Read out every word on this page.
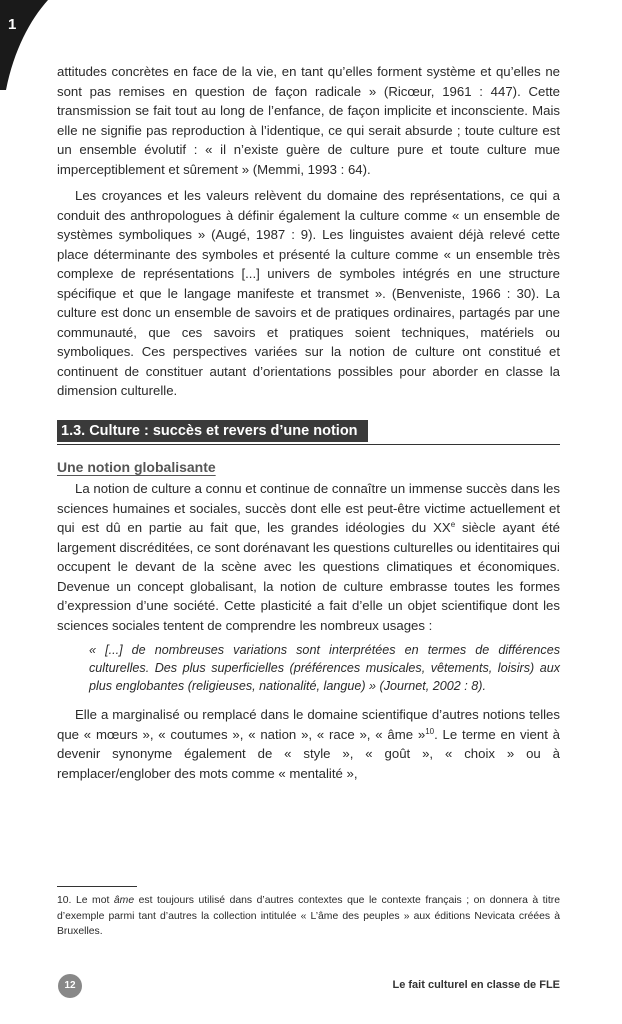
1

attitudes concrètes en face de la vie, en tant qu’elles forment système et qu’elles ne sont pas remises en question de façon radicale » (Ricœur, 1961 : 447). Cette transmission se fait tout au long de l’enfance, de façon implicite et inconsciente. Mais elle ne signifie pas reproduction à l’identique, ce qui serait absurde ; toute culture est un ensemble évolutif : « il n’existe guère de culture pure et toute culture mue imperceptiblement et sûrement » (Memmi, 1993 : 64).

Les croyances et les valeurs relèvent du domaine des représentations, ce qui a conduit des anthropologues à définir également la culture comme « un ensemble de systèmes symboliques » (Augé, 1987 : 9). Les linguistes avaient déjà relevé cette place déterminante des symboles et présenté la culture comme « un ensemble très complexe de représentations [...] univers de symboles intégrés en une structure spécifique et que le langage manifeste et transmet ». (Benveniste, 1966 : 30). La culture est donc un ensemble de savoirs et de pratiques ordinaires, partagés par une communauté, que ces savoirs et pratiques soient techniques, matériels ou symboliques. Ces perspectives variées sur la notion de culture ont constitué et continuent de constituer autant d’orientations possibles pour aborder en classe la dimension culturelle.

1.3. Culture : succès et revers d’une notion
Une notion globalisante

La notion de culture a connu et continue de connaître un immense succès dans les sciences humaines et sociales, succès dont elle est peut-être victime actuellement et qui est dû en partie au fait que, les grandes idéologies du XXe siècle ayant été largement discréditées, ce sont dorénavant les questions culturelles ou identitaires qui occupent le devant de la scène avec les questions climatiques et économiques. Devenue un concept globalisant, la notion de culture embrasse toutes les formes d’expression d’une société. Cette plasticité a fait d’elle un objet scientifique dont les sciences sociales tentent de comprendre les nombreux usages :

« [...] de nombreuses variations sont interprétées en termes de différences culturelles. Des plus superficielles (préférences musicales, vêtements, loisirs) aux plus englobantes (religieuses, nationalité, langue) » (Journet, 2002 : 8).

Elle a marginalisé ou remplacé dans le domaine scientifique d’autres notions telles que « mœurs », « coutumes », « nation », « race », « âme »$^{10}$. Le terme en vient à devenir synonyme également de « style », « goût », « choix » ou à remplacer/englober des mots comme « mentalité »,

10. Le mot âme est toujours utilisé dans d’autres contextes que le contexte français ; on donnera à titre d’exemple parmi tant d’autres la collection intitulée « L’âme des peuples » aux éditions Nevicata créées à Bruxelles.

12	Le fait culturel en classe de FLE
